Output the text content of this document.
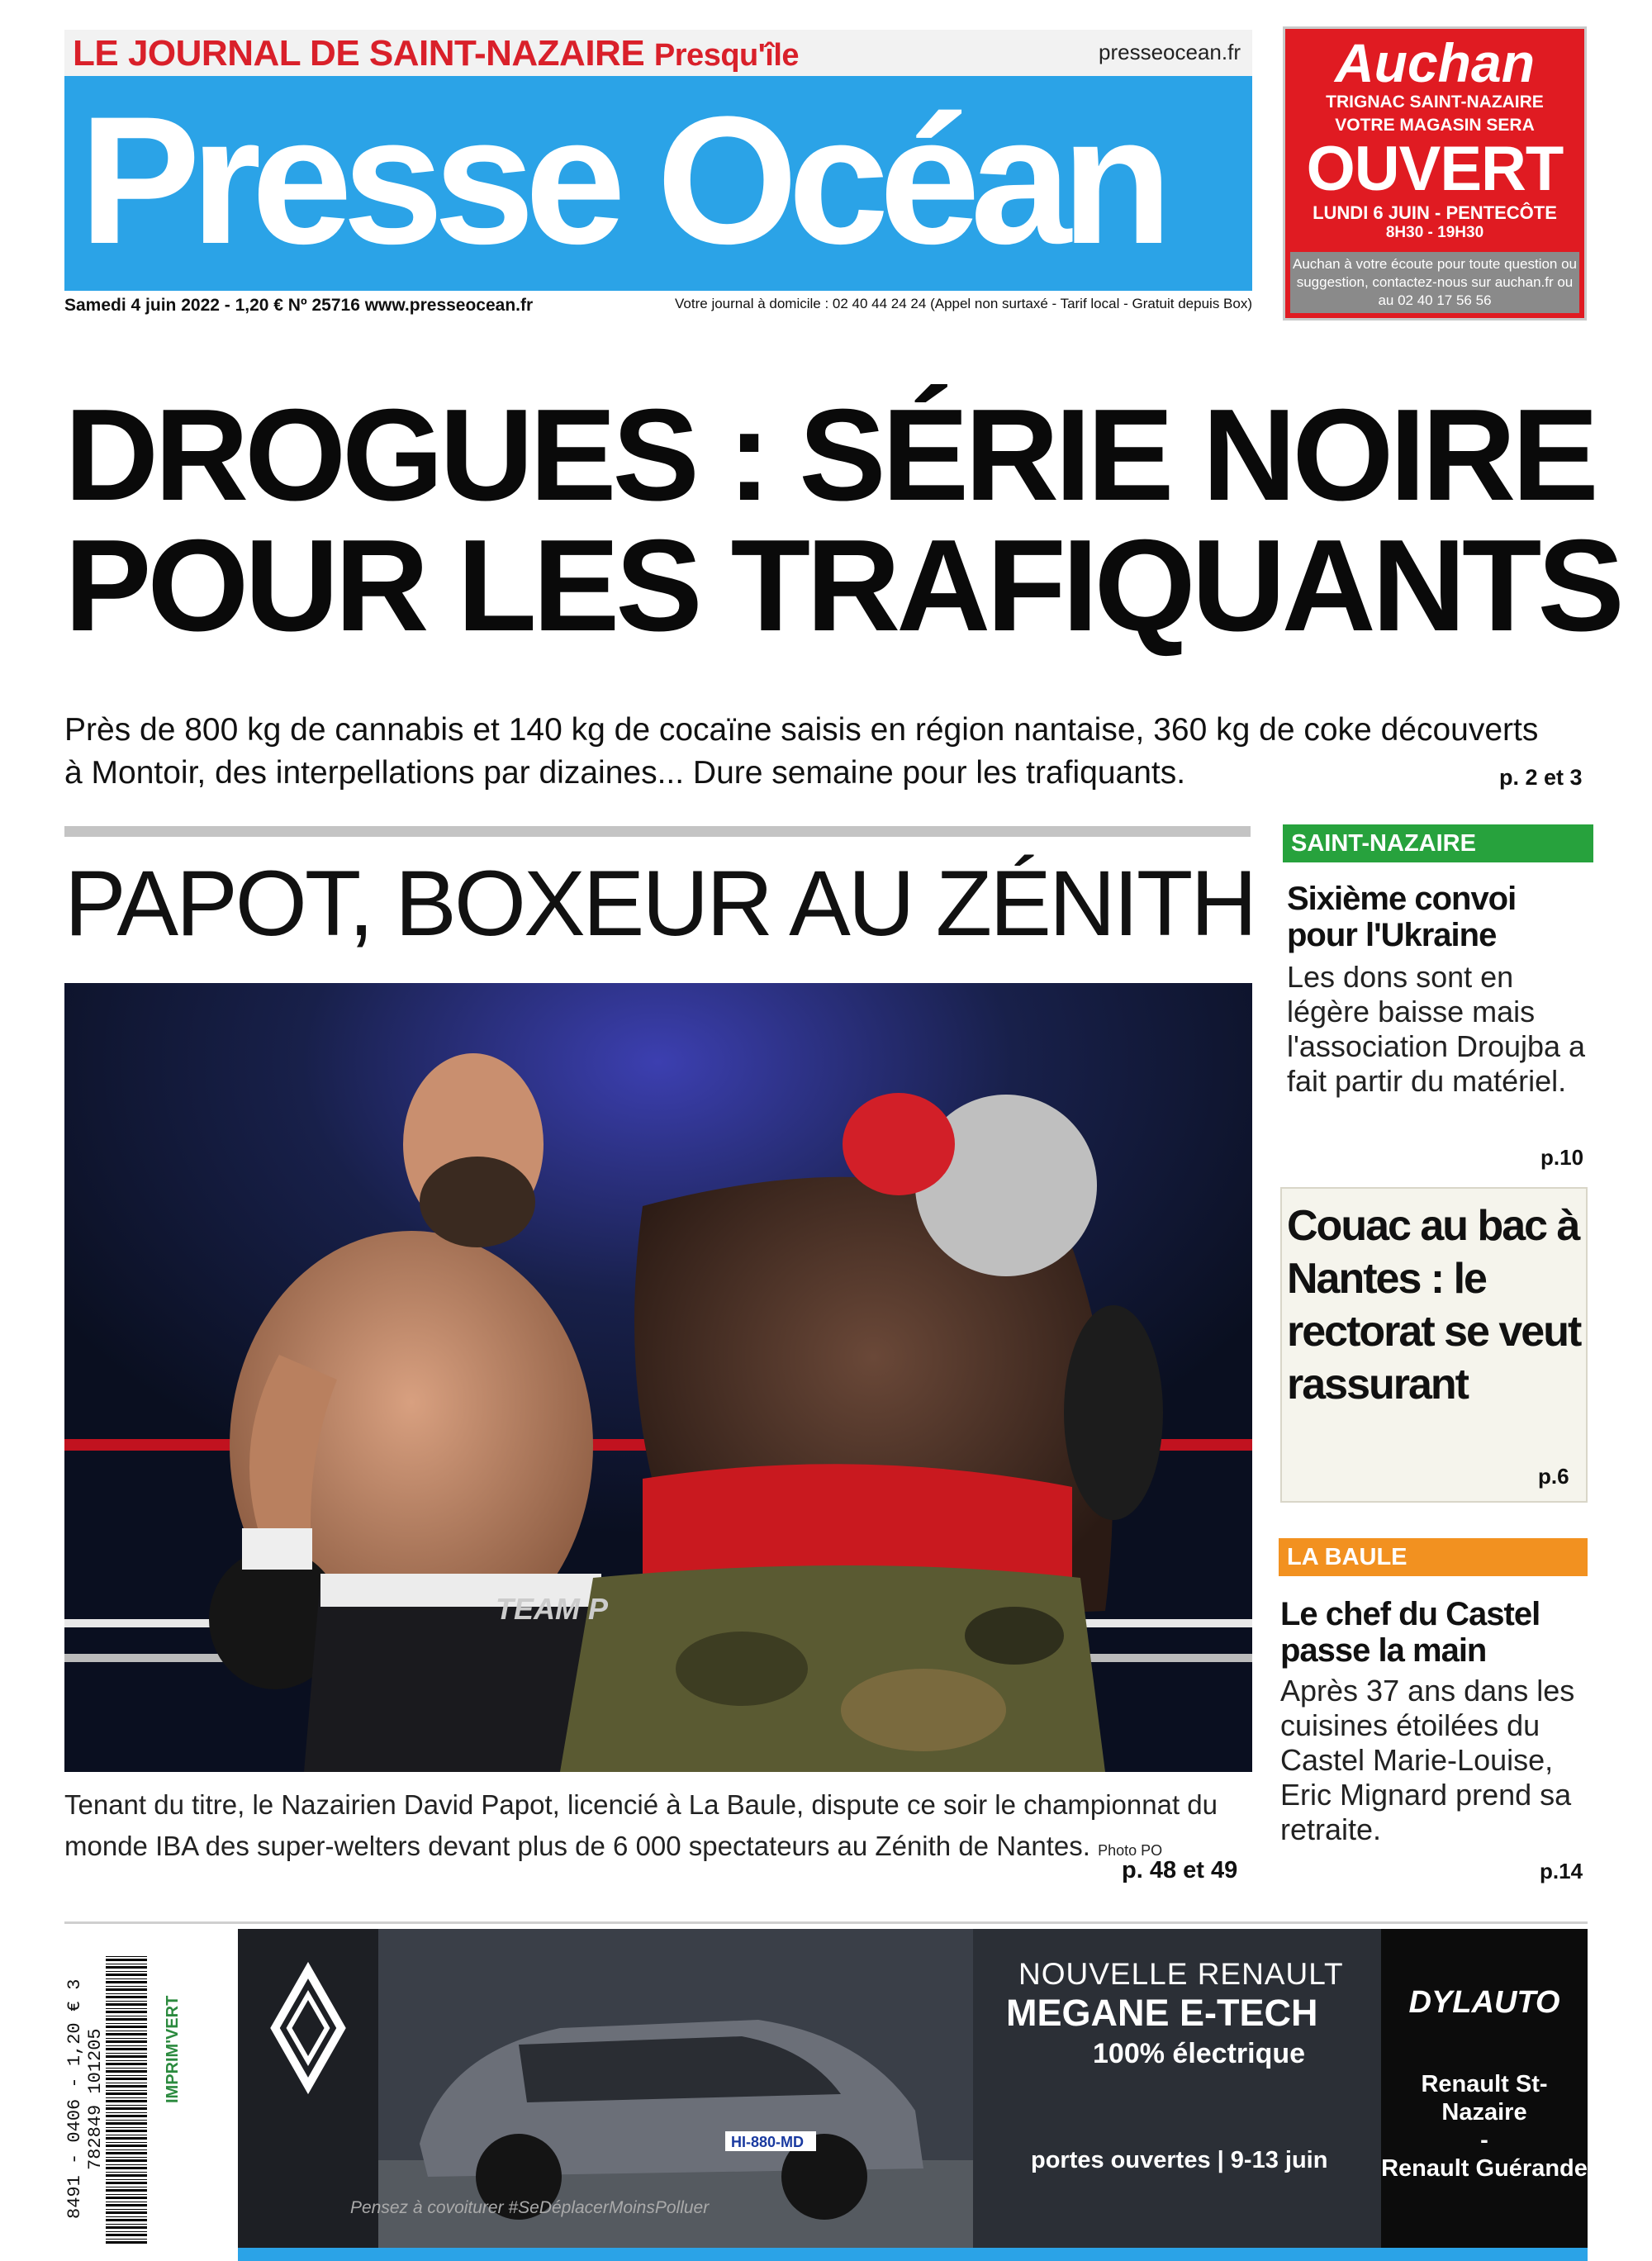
LE JOURNAL DE SAINT-NAZAIRE Presqu'île	presseocean.fr
Presse Océan
Samedi 4 juin 2022 - 1,20 € Nº 25716 www.presseocean.fr	Votre journal à domicile : 02 40 44 24 24 (Appel non surtaxé - Tarif local - Gratuit depuis Box)
Auchan
TRIGNAC SAINT-NAZAIRE
VOTRE MAGASIN SERA
OUVERT
LUNDI 6 JUIN - PENTECÔTE
8H30 - 19H30
Auchan à votre écoute pour toute question ou suggestion, contactez-nous sur auchan.fr ou au 02 40 17 56 56
DROGUES : SÉRIE NOIRE
POUR LES TRAFIQUANTS
Près de 800 kg de cannabis et 140 kg de cocaïne saisis en région nantaise, 360 kg de coke découverts à Montoir, des interpellations par dizaines... Dure semaine pour les trafiquants.	p. 2 et 3
PAPOT, BOXEUR AU ZÉNITH
TEAM P
Tenant du titre, le Nazairien David Papot, licencié à La Baule, dispute ce soir le championnat du monde IBA des super-welters devant plus de 6 000 spectateurs au Zénith de Nantes. Photo PO
p. 48 et 49
SAINT-NAZAIRE
Sixième convoi pour l'Ukraine
Les dons sont en légère baisse mais l'association Droujba a fait partir du matériel.
p.10
Couac au bac à Nantes : le rectorat se veut rassurant
p.6
LA BAULE
Le chef du Castel passe la main
Après 37 ans dans les cuisines étoilées du Castel Marie-Louise, Eric Mignard prend sa retraite.
p.14
8491 - 0406 - 1,20 € 3 782849 101205	IMPRIM'VERT
HI-880-MD
NOUVELLE RENAULT
MEGANE E-TECH
100% électrique
portes ouvertes | 9-13 juin
Pensez à covoiturer #SeDéplacerMoinsPolluer
DYLAUTO
Renault St-Nazaire
-
Renault Guérande
